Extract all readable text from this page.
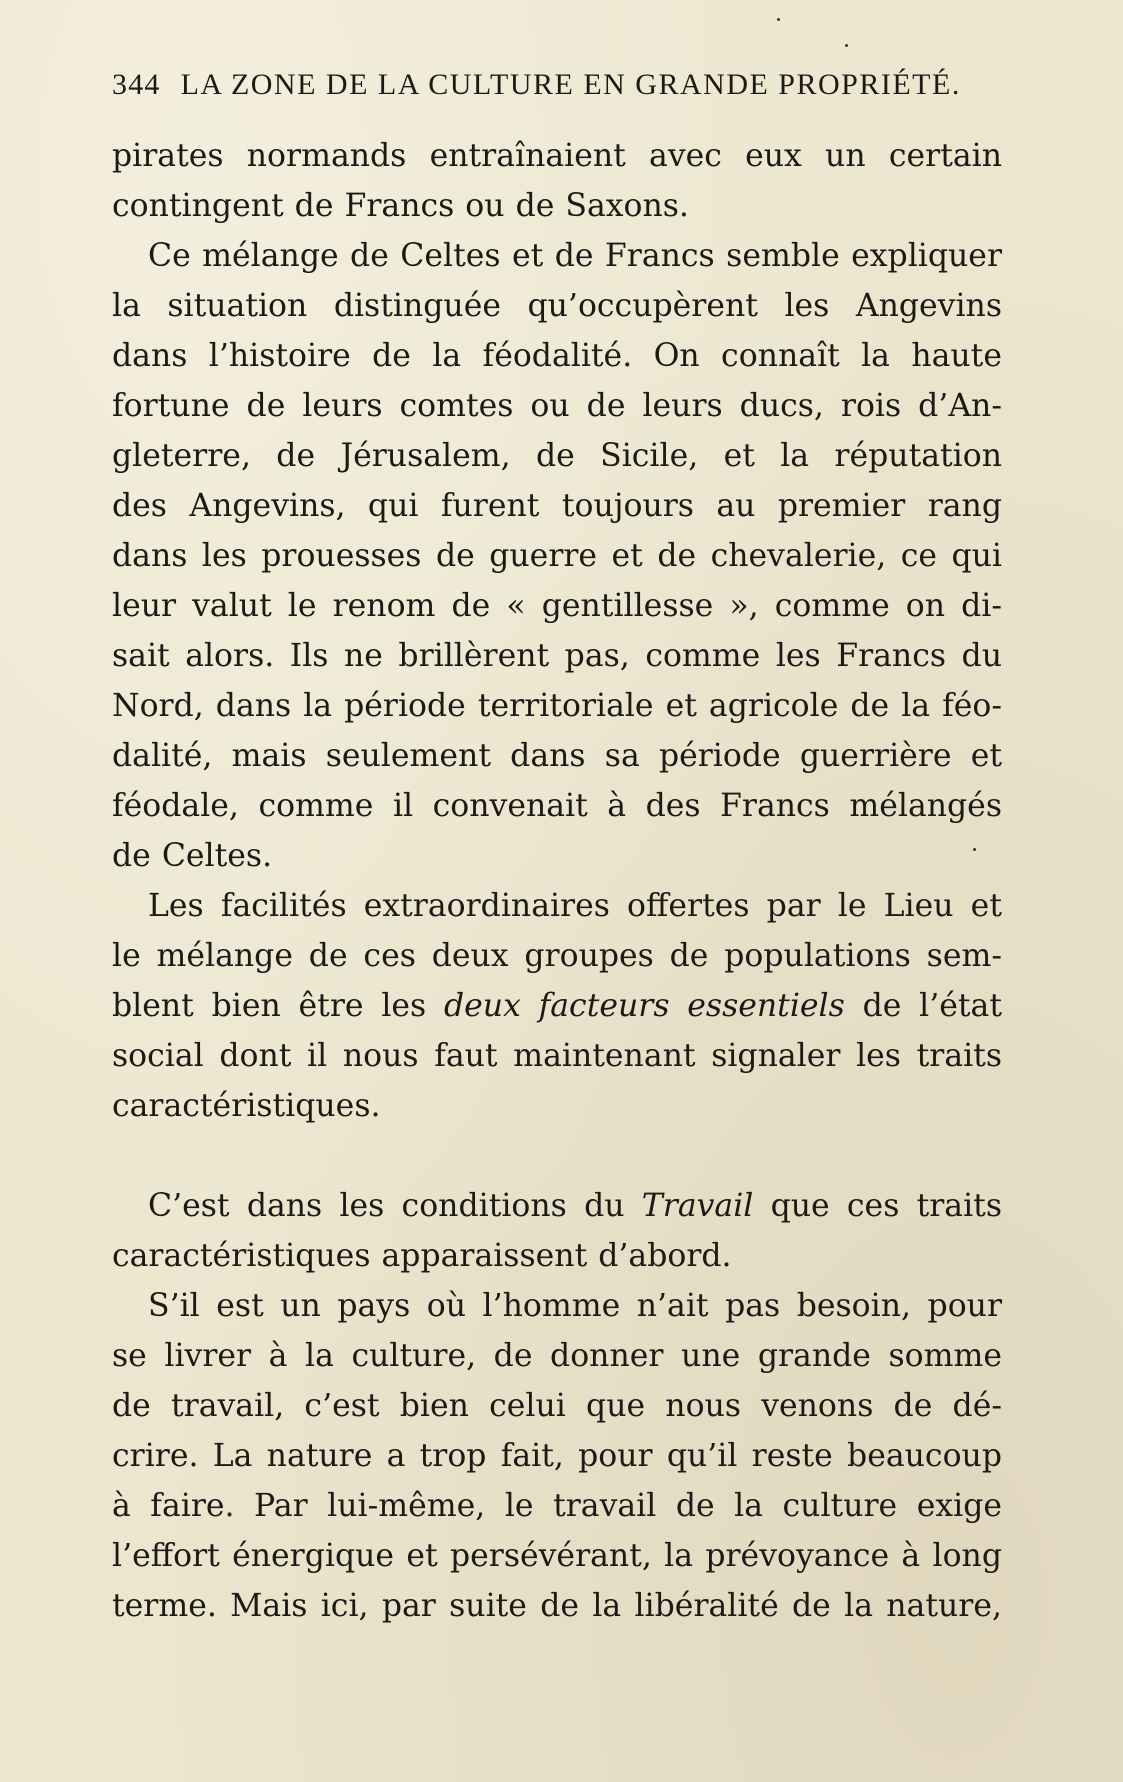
344 LA ZONE DE LA CULTURE EN GRANDE PROPRIÉTÉ.
pirates normands entraînaient avec eux un certain
contingent de Francs ou de Saxons.
Ce mélange de Celtes et de Francs semble expliquer
la situation distinguée qu’occupèrent les Angevins
dans l’histoire de la féodalité. On connaît la haute
fortune de leurs comtes ou de leurs ducs, rois d’An-
gleterre, de Jérusalem, de Sicile, et la réputation
des Angevins, qui furent toujours au premier rang
dans les prouesses de guerre et de chevalerie, ce qui
leur valut le renom de « gentillesse », comme on di-
sait alors. Ils ne brillèrent pas, comme les Francs du
Nord, dans la période territoriale et agricole de la féo-
dalité, mais seulement dans sa période guerrière et
féodale, comme il convenait à des Francs mélangés
de Celtes.
Les facilités extraordinaires offertes par le Lieu et
le mélange de ces deux groupes de populations sem-
blent bien être les deux facteurs essentiels de l’état
social dont il nous faut maintenant signaler les traits
caractéristiques.
C’est dans les conditions du Travail que ces traits
caractéristiques apparaissent d’abord.
S’il est un pays où l’homme n’ait pas besoin, pour
se livrer à la culture, de donner une grande somme
de travail, c’est bien celui que nous venons de dé-
crire. La nature a trop fait, pour qu’il reste beaucoup
à faire. Par lui-même, le travail de la culture exige
l’effort énergique et persévérant, la prévoyance à long
terme. Mais ici, par suite de la libéralité de la nature,
